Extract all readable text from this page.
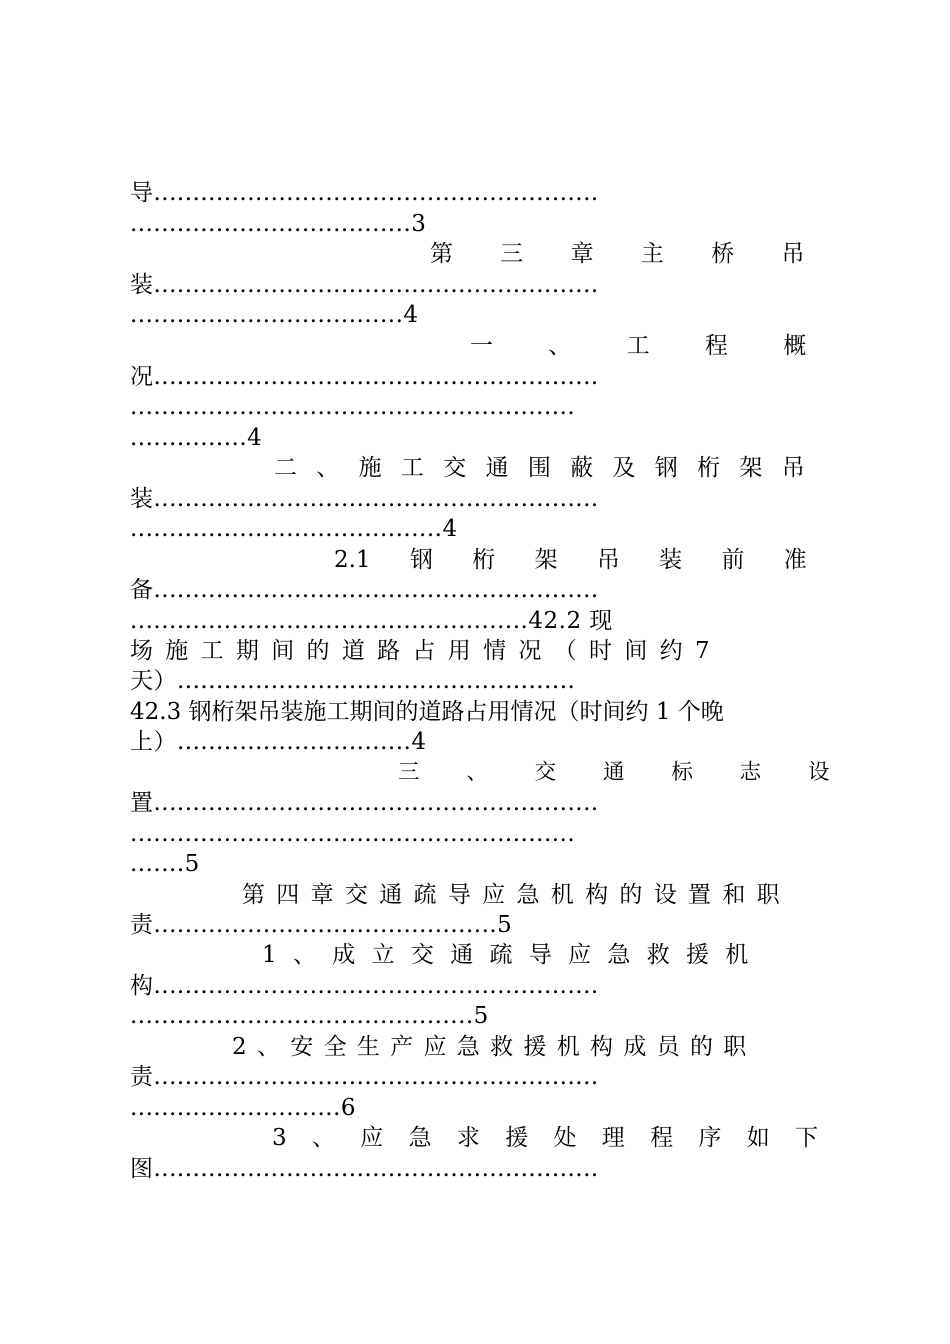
导.........................................................
....................................3
第 三 章 主 桥 吊
装.........................................................
...................................4
一 、 工 程 概
况.........................................................
.........................................................
...............4
二 、 施 工 交 通 围 蔽 及 钢 桁 架 吊
装.........................................................
........................................4
2.1 钢 桁 架 吊 装 前 准
备.........................................................
...................................................42.2 现
场 施 工 期 间 的 道 路 占 用 情 况 （ 时 间 约 7
天）...................................................
42.3 钢桁架吊装施工期间的道路占用情况（时间约 1 个晚
上）..............................4
三 、 交 通 标 志 设
置.........................................................
.........................................................
.......5
第 四 章 交 通 疏 导 应 急 机 构 的 设 置 和 职
责............................................5
1 、 成 立 交 通 疏 导 应 急 救 援 机
构.........................................................
............................................5
2 、 安 全 生 产 应 急 救 援 机 构 成 员 的 职
责.........................................................
...........................6
3 、 应 急 求 援 处 理 程 序 如 下
图.........................................................
